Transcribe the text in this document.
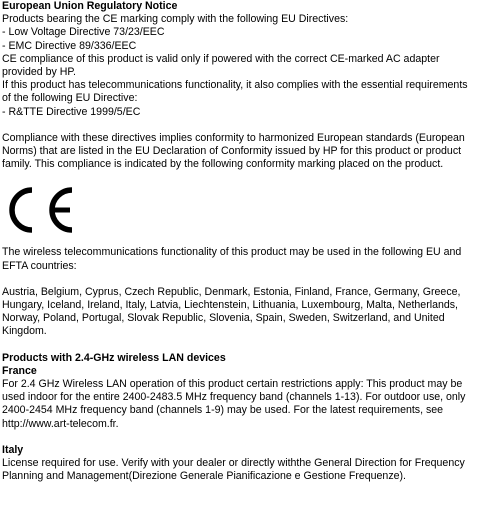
European Union Regulatory Notice

Products bearing the CE marking comply with the following EU Directives:

- Low Voltage Directive 73/23/EEC

- EMC Directive 89/336/EEC

CE compliance of this product is valid only if powered with the correct CE-marked AC adapter provided by HP.

If this product has telecommunications functionality, it also complies with the essential requirements of the following EU Directive:

- R&TTE Directive 1999/5/EC

Compliance with these directives implies conformity to harmonized European standards (European Norms) that are listed in the EU Declaration of Conformity issued by HP for this product or product family. This compliance is indicated by the following conformity marking placed on the product.

The wireless telecommunications functionality of this product may be used in the following EU and EFTA countries:

Austria, Belgium, Cyprus, Czech Republic, Denmark, Estonia, Finland, France, Germany, Greece, Hungary, Iceland, Ireland, Italy, Latvia, Liechtenstein, Lithuania, Luxembourg, Malta, Netherlands, Norway, Poland, Portugal, Slovak Republic, Slovenia, Spain, Sweden, Switzerland, and United Kingdom.

Products with 2.4-GHz wireless LAN devices

France

For 2.4 GHz Wireless LAN operation of this product certain restrictions apply: This product may be used indoor for the entire 2400-2483.5 MHz frequency band (channels 1-13). For outdoor use, only 2400-2454 MHz frequency band (channels 1-9) may be used. For the latest requirements, see http://www.art-telecom.fr.

Italy

License required for use. Verify with your dealer or directly withthe General Direction for Frequency Planning and Management(Direzione Generale Pianificazione e Gestione Frequenze).
